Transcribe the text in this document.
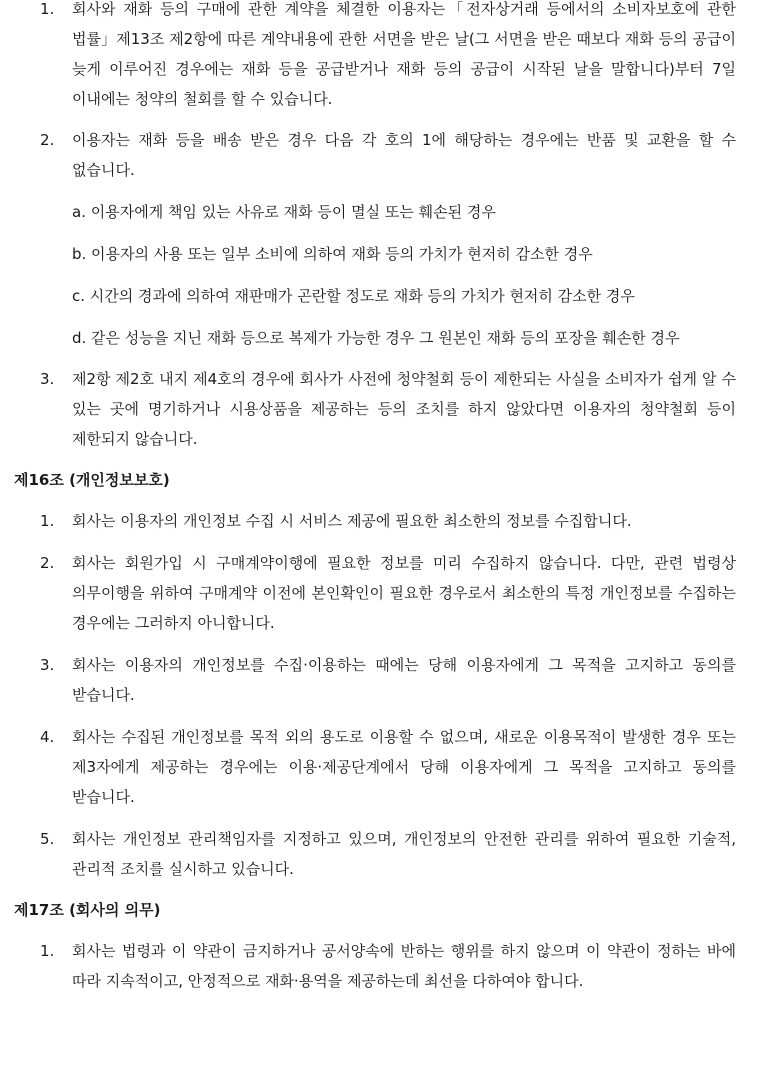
1.	회사와 재화 등의 구매에 관한 계약을 체결한 이용자는「전자상거래 등에서의 소비자보호에 관한 법률」제13조 제2항에 따른 계약내용에 관한 서면을 받은 날(그 서면을 받은 때보다 재화 등의 공급이 늦게 이루어진 경우에는 재화 등을 공급받거나 재화 등의 공급이 시작된 날을 말합니다)부터 7일 이내에는 청약의 철회를 할 수 있습니다.
2.	이용자는 재화 등을 배송 받은 경우 다음 각 호의 1에 해당하는 경우에는 반품 및 교환을 할 수 없습니다.
a. 이용자에게 책임 있는 사유로 재화 등이 멸실 또는 훼손된 경우
b. 이용자의 사용 또는 일부 소비에 의하여 재화 등의 가치가 현저히 감소한 경우
c. 시간의 경과에 의하여 재판매가 곤란할 정도로 재화 등의 가치가 현저히 감소한 경우
d. 같은 성능을 지닌 재화 등으로 복제가 가능한 경우 그 원본인 재화 등의 포장을 훼손한 경우
3.	제2항 제2호 내지 제4호의 경우에 회사가 사전에 청약철회 등이 제한되는 사실을 소비자가 쉽게 알 수 있는 곳에 명기하거나 시용상품을 제공하는 등의 조치를 하지 않았다면 이용자의 청약철회 등이 제한되지 않습니다.
제16조 (개인정보보호)
1.	회사는 이용자의 개인정보 수집 시 서비스 제공에 필요한 최소한의 정보를 수집합니다.
2.	회사는 회원가입 시 구매계약이행에 필요한 정보를 미리 수집하지 않습니다. 다만, 관련 법령상 의무이행을 위하여 구매계약 이전에 본인확인이 필요한 경우로서 최소한의 특정 개인정보를 수집하는 경우에는 그러하지 아니합니다.
3.	회사는 이용자의 개인정보를 수집·이용하는 때에는 당해 이용자에게 그 목적을 고지하고 동의를 받습니다.
4.	회사는 수집된 개인정보를 목적 외의 용도로 이용할 수 없으며, 새로운 이용목적이 발생한 경우 또는 제3자에게 제공하는 경우에는 이용·제공단계에서 당해 이용자에게 그 목적을 고지하고 동의를 받습니다.
5.	회사는 개인정보 관리책임자를 지정하고 있으며, 개인정보의 안전한 관리를 위하여 필요한 기술적, 관리적 조치를 실시하고 있습니다.
제17조 (회사의 의무)
1.	회사는 법령과 이 약관이 금지하거나 공서양속에 반하는 행위를 하지 않으며 이 약관이 정하는 바에 따라 지속적이고, 안정적으로 재화·용역을 제공하는데 최선을 다하여야 합니다.
